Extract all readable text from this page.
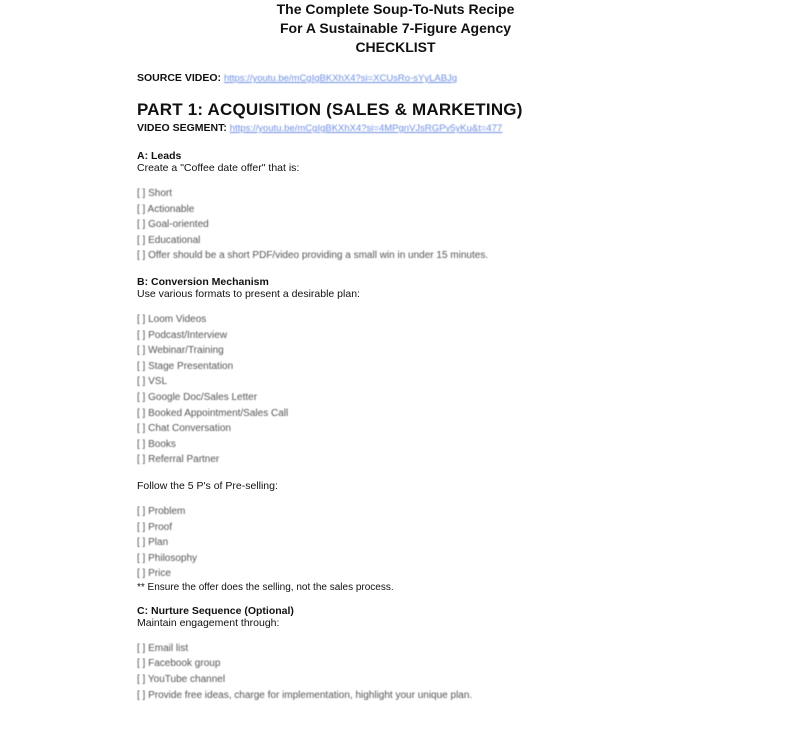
The Complete Soup-To-Nuts Recipe
For A Sustainable 7-Figure Agency
CHECKLIST
SOURCE VIDEO: https://youtu.be/mCgIgBKXhX4?si=XCUsRo-sYyLABJg
PART 1: ACQUISITION (SALES & MARKETING)
VIDEO SEGMENT: https://youtu.be/mCgIgBKXhX4?si=4MPgnVJsRGPv5yKu&t=477
A: Leads
Create a "Coffee date offer" that is:
[ ] Short
[ ] Actionable
[ ] Goal-oriented
[ ] Educational
[ ] Offer should be a short PDF/video providing a small win in under 15 minutes.
B: Conversion Mechanism
Use various formats to present a desirable plan:
[ ] Loom Videos
[ ] Podcast/Interview
[ ] Webinar/Training
[ ] Stage Presentation
[ ] VSL
[ ] Google Doc/Sales Letter
[ ] Booked Appointment/Sales Call
[ ] Chat Conversation
[ ] Books
[ ] Referral Partner
Follow the 5 P's of Pre-selling:
[ ] Problem
[ ] Proof
[ ] Plan
[ ] Philosophy
[ ] Price
** Ensure the offer does the selling, not the sales process.
C: Nurture Sequence (Optional)
Maintain engagement through:
[ ] Email list
[ ] Facebook group
[ ] YouTube channel
[ ] Provide free ideas, charge for implementation, highlight your unique plan.
